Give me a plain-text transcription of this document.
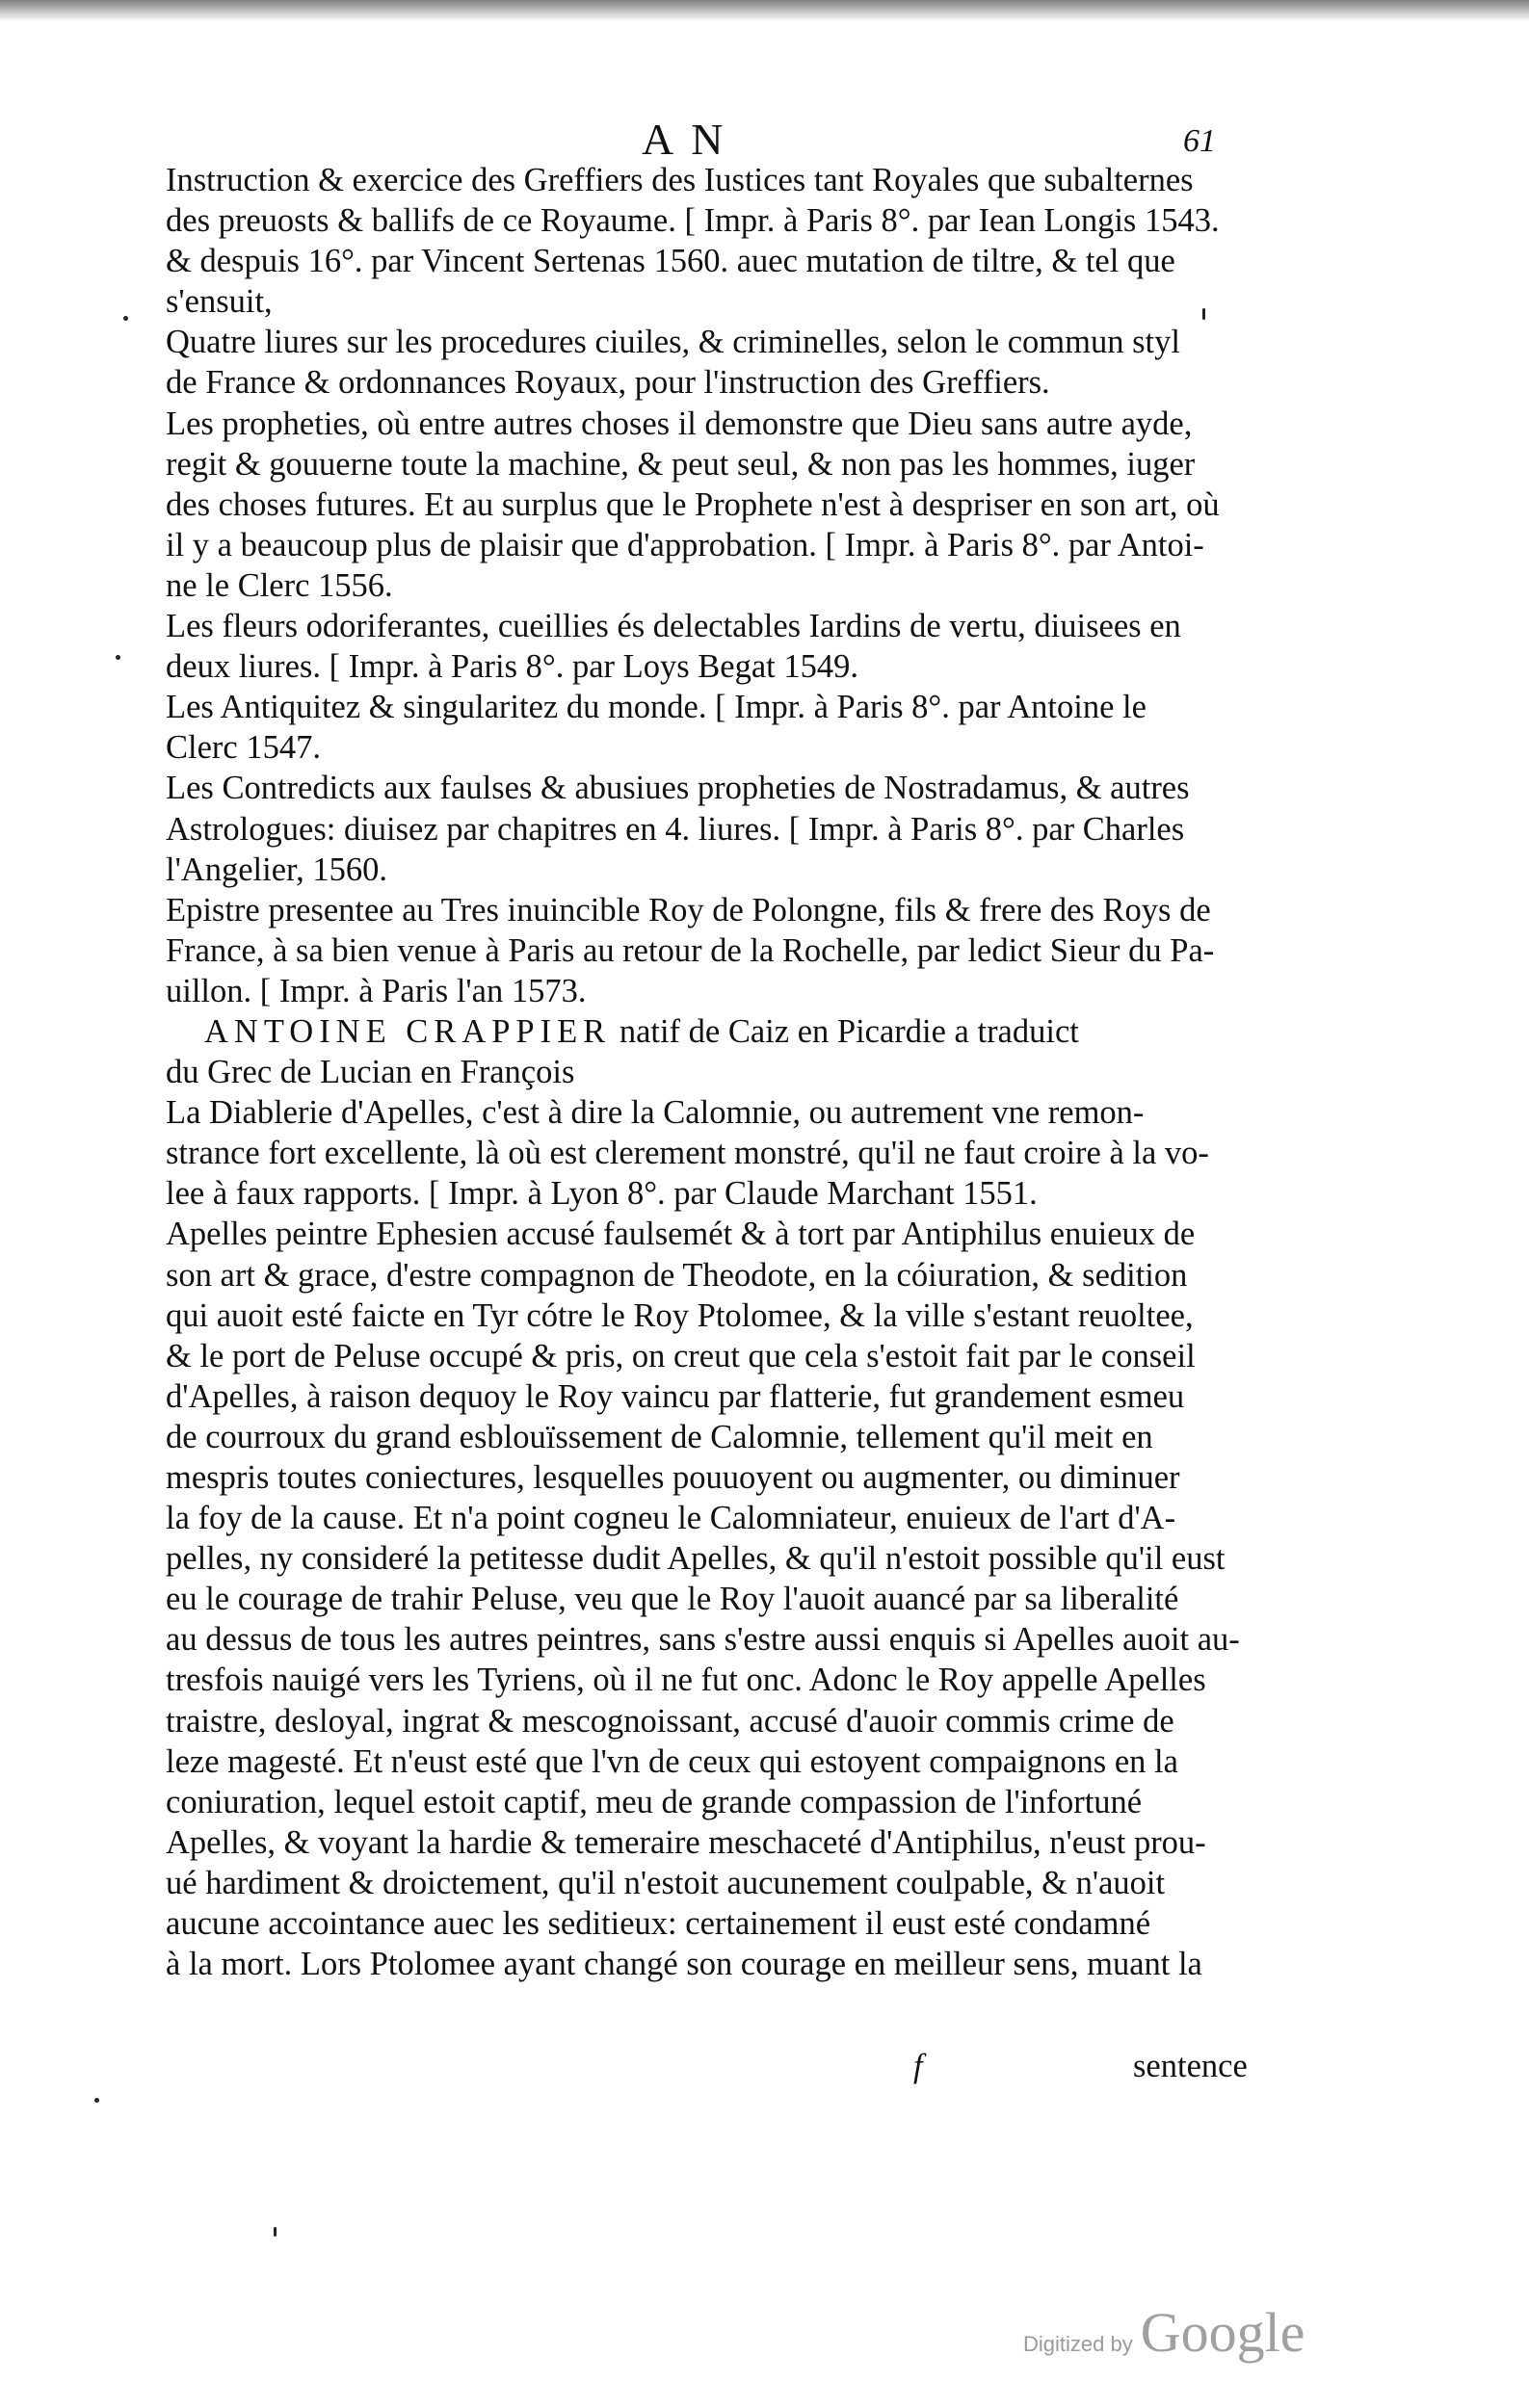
AN	61
Instruction & exercice des Greffiers des Iustices tant Royales que subalternes
des preuosts & ballifs de ce Royaume. [ Impr. à Paris 8°. par Iean Longis 1543.
& despuis 16°. par Vincent Sertenas 1560. auec mutation de tiltre, & tel que
s'ensuit,
Quatre liures sur les procedures ciuiles, & criminelles, selon le commun styl
de France & ordonnances Royaux, pour l'instruction des Greffiers.
Les propheties, où entre autres choses il demonstre que Dieu sans autre ayde,
regit & gouuerne toute la machine, & peut seul, & non pas les hommes, iuger
des choses futures. Et au surplus que le Prophete n'est à despriser en son art, où
il y a beaucoup plus de plaisir que d'approbation. [ Impr. à Paris 8°. par Antoi-
ne le Clerc 1556.
Les fleurs odoriferantes, cueillies és delectables Iardins de vertu, diuisees en
deux liures. [ Impr. à Paris 8°. par Loys Begat 1549.
Les Antiquitez & singularitez du monde. [ Impr. à Paris 8°. par Antoine le
Clerc 1547.
Les Contredicts aux faulses & abusiues propheties de Nostradamus, & autres
Astrologues: diuisez par chapitres en 4. liures. [ Impr. à Paris 8°. par Charles
l'Angelier, 1560.
Epistre presentee au Tres inuincible Roy de Polongne, fils & frere des Roys de
France, à sa bien venue à Paris au retour de la Rochelle, par ledict Sieur du Pa-
uillon. [ Impr. à Paris l'an 1573.
ANTOINE CRAPPIER natif de Caiz en Picardie a traduict
du Grec de Lucian en François
La Diablerie d'Apelles, c'est à dire la Calomnie, ou autrement vne remon-
strance fort excellente, là où est clerement monstré, qu'il ne faut croire à la vo-
lee à faux rapports. [ Impr. à Lyon 8°. par Claude Marchant 1551.
Apelles peintre Ephesien accusé faulsemét & à tort par Antiphilus enuieux de
son art & grace, d'estre compagnon de Theodote, en la cóiuration, & sedition
qui auoit esté faicte en Tyr cótre le Roy Ptolomee, & la ville s'estant reuoltee,
& le port de Peluse occupé & pris, on creut que cela s'estoit fait par le conseil
d'Apelles, à raison dequoy le Roy vaincu par flatterie, fut grandement esmeu
de courroux du grand esblouïssement de Calomnie, tellement qu'il meit en
mespris toutes coniectures, lesquelles pouuoyent ou augmenter, ou diminuer
la foy de la cause. Et n'a point cogneu le Calomniateur, enuieux de l'art d'A-
pelles, ny consideré la petitesse dudit Apelles, & qu'il n'estoit possible qu'il eust
eu le courage de trahir Peluse, veu que le Roy l'auoit auancé par sa liberalité
au dessus de tous les autres peintres, sans s'estre aussi enquis si Apelles auoit au-
tresfois nauigé vers les Tyriens, où il ne fut onc. Adonc le Roy appelle Apelles
traistre, desloyal, ingrat & mescognoissant, accusé d'auoir commis crime de
leze magesté. Et n'eust esté que l'vn de ceux qui estoyent compaignons en la
coniuration, lequel estoit captif, meu de grande compassion de l'infortuné
Apelles, & voyant la hardie & temeraire meschaceté d'Antiphilus, n'eust prou-
ué hardiment & droictement, qu'il n'estoit aucunement coulpable, & n'auoit
aucune accointance auec les seditieux: certainement il eust esté condamné
à la mort. Lors Ptolomee ayant changé son courage en meilleur sens, muant la
f	sentence
Digitized by Google
